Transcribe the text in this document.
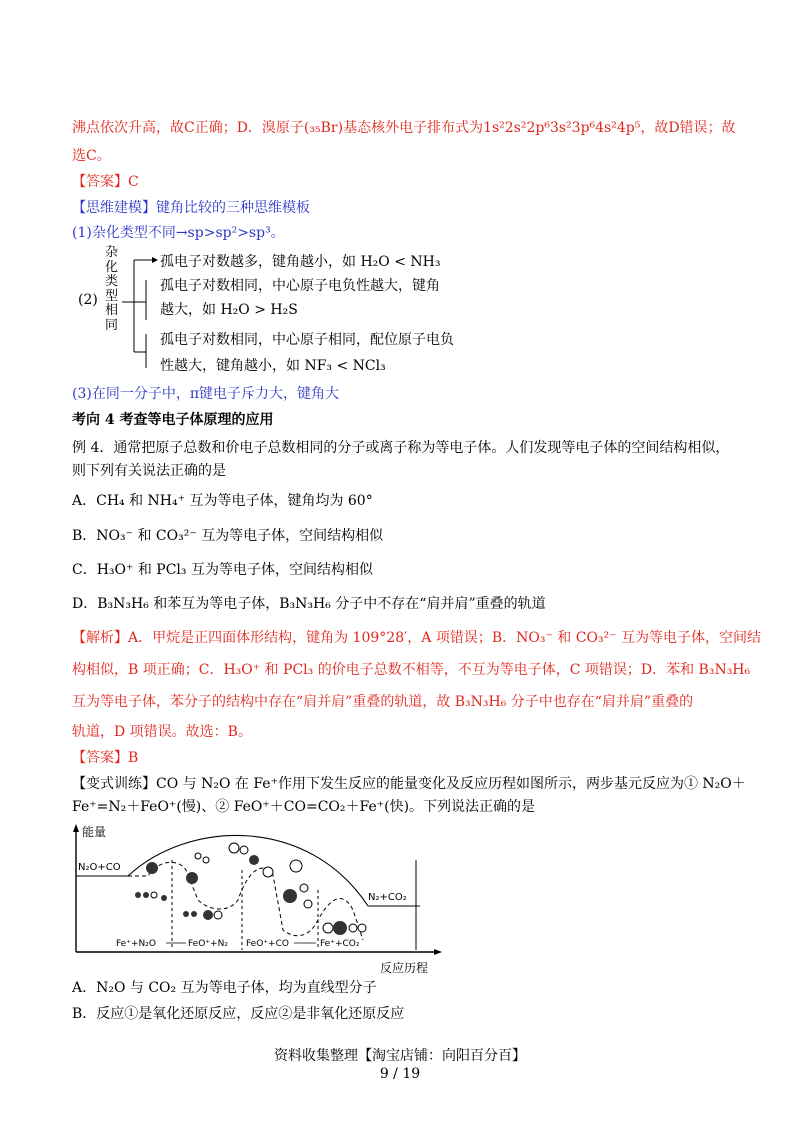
沸点依次升高，故C正确；D．溴原子(₃₅Br)基态核外电子排布式为1s²2s²2p⁶3s²3p⁶4s²4p⁵，故D错误；故
选C。
【答案】C
【思维建模】键角比较的三种思维模板
(1)杂化类型不同→sp>sp²>sp³。
(2)
杂
化
类
型
相
同
孤电子对数越多，键角越小，如 H₂O < NH₃
孤电子对数相同，中心原子电负性越大，键角
越大，如 H₂O > H₂S
孤电子对数相同，中心原子相同，配位原子电负
性越大，键角越小，如 NF₃ < NCl₃
(3)在同一分子中，π键电子斥力大，键角大
考向 4 考查等电子体原理的应用
例 4．通常把原子总数和价电子总数相同的分子或离子称为等电子体。人们发现等电子体的空间结构相似，
则下列有关说法正确的是
A．CH₄ 和 NH₄⁺ 互为等电子体，键角均为 60°
B．NO₃⁻ 和 CO₃²⁻ 互为等电子体，空间结构相似
C．H₃O⁺ 和 PCl₃ 互为等电子体，空间结构相似
D．B₃N₃H₆ 和苯互为等电子体，B₃N₃H₆ 分子中不存在“肩并肩”重叠的轨道
【解析】A．甲烷是正四面体形结构，键角为 109°28′，A 项错误；B．NO₃⁻ 和 CO₃²⁻ 互为等电子体，空间结
构相似，B 项正确；C．H₃O⁺ 和 PCl₃ 的价电子总数不相等，不互为等电子体，C 项错误；D．苯和 B₃N₃H₆
互为等电子体，苯分子的结构中存在“肩并肩”重叠的轨道，故 B₃N₃H₆ 分子中也存在“肩并肩”重叠的
轨道，D 项错误。故选：B。
【答案】B
【变式训练】CO 与 N₂O 在 Fe⁺作用下发生反应的能量变化及反应历程如图所示，两步基元反应为① N₂O＋
Fe⁺=N₂＋FeO⁺(慢)、② FeO⁺＋CO=CO₂＋Fe⁺(快)。下列说法正确的是
能量
N₂O+CO
N₂+CO₂
Fe⁺+N₂O	FeO⁺+N₂ FeO⁺+CO	Fe⁺+CO₂
反应历程
A．N₂O 与 CO₂ 互为等电子体，均为直线型分子
B．反应①是氧化还原反应，反应②是非氧化还原反应
资料收集整理【淘宝店铺：向阳百分百】
9 / 19
